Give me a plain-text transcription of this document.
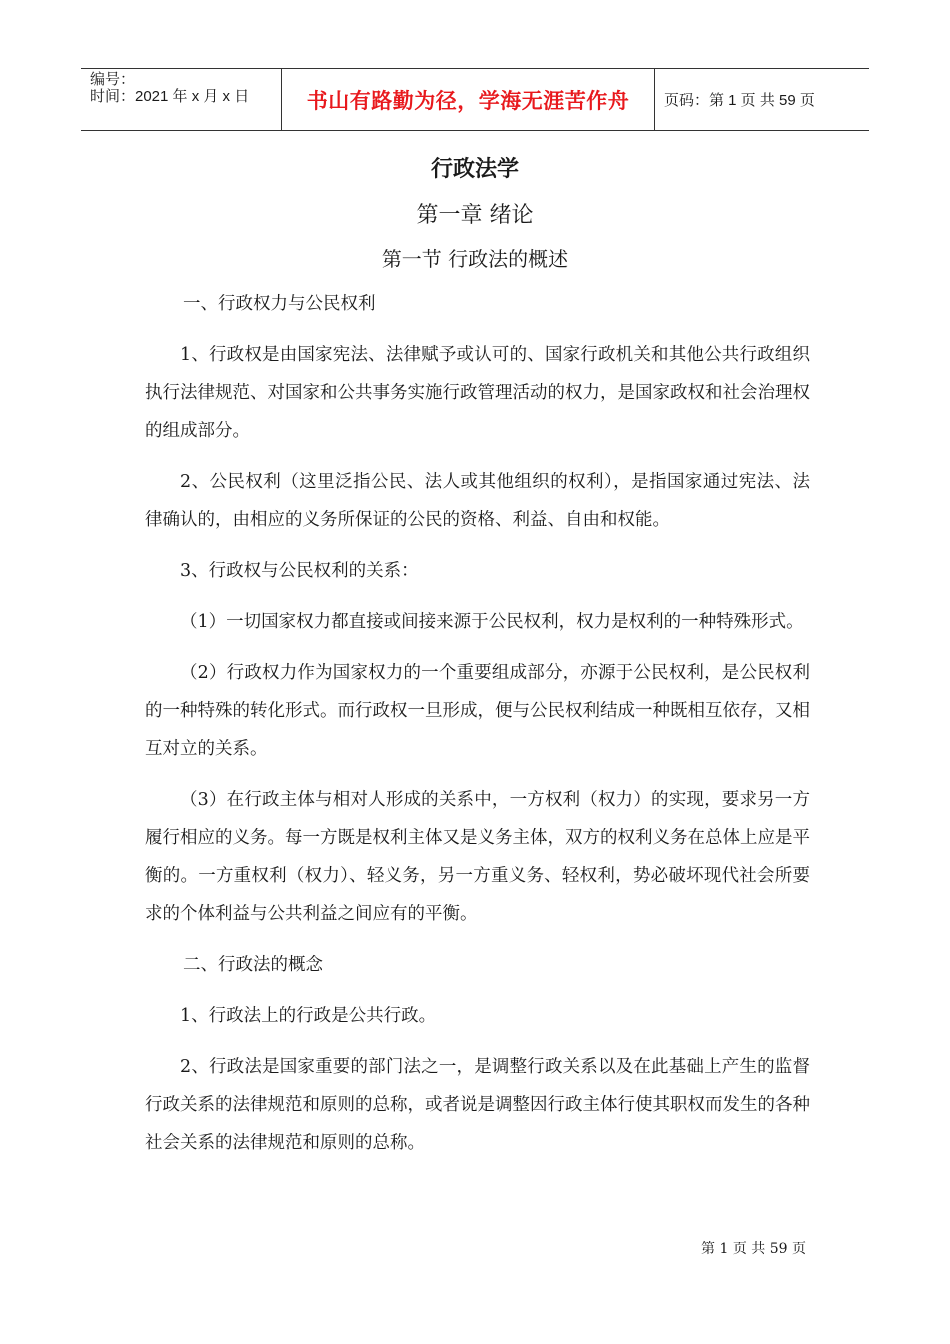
编号：
时间：2021 年 x 月 x 日	书山有路勤为径，学海无涯苦作舟	页码：第 1 页 共 59 页
行政法学
第一章 绪论
第一节 行政法的概述

一、行政权力与公民权利

1、行政权是由国家宪法、法律赋予或认可的、国家行政机关和其他公共行政组织执行法律规范、对国家和公共事务实施行政管理活动的权力，是国家政权和社会治理权的组成部分。

2、公民权利（这里泛指公民、法人或其他组织的权利），是指国家通过宪法、法律确认的，由相应的义务所保证的公民的资格、利益、自由和权能。

3、行政权与公民权利的关系：

（1）一切国家权力都直接或间接来源于公民权利，权力是权利的一种特殊形式。

（2）行政权力作为国家权力的一个重要组成部分，亦源于公民权利，是公民权利的一种特殊的转化形式。而行政权一旦形成，便与公民权利结成一种既相互依存，又相互对立的关系。

（3）在行政主体与相对人形成的关系中，一方权利（权力）的实现，要求另一方履行相应的义务。每一方既是权利主体又是义务主体，双方的权利义务在总体上应是平衡的。一方重权利（权力）、轻义务，另一方重义务、轻权利，势必破坏现代社会所要求的个体利益与公共利益之间应有的平衡。

二、行政法的概念

1、行政法上的行政是公共行政。

2、行政法是国家重要的部门法之一，是调整行政关系以及在此基础上产生的监督行政关系的法律规范和原则的总称，或者说是调整因行政主体行使其职权而发生的各种社会关系的法律规范和原则的总称。

第 1 页 共 59 页
